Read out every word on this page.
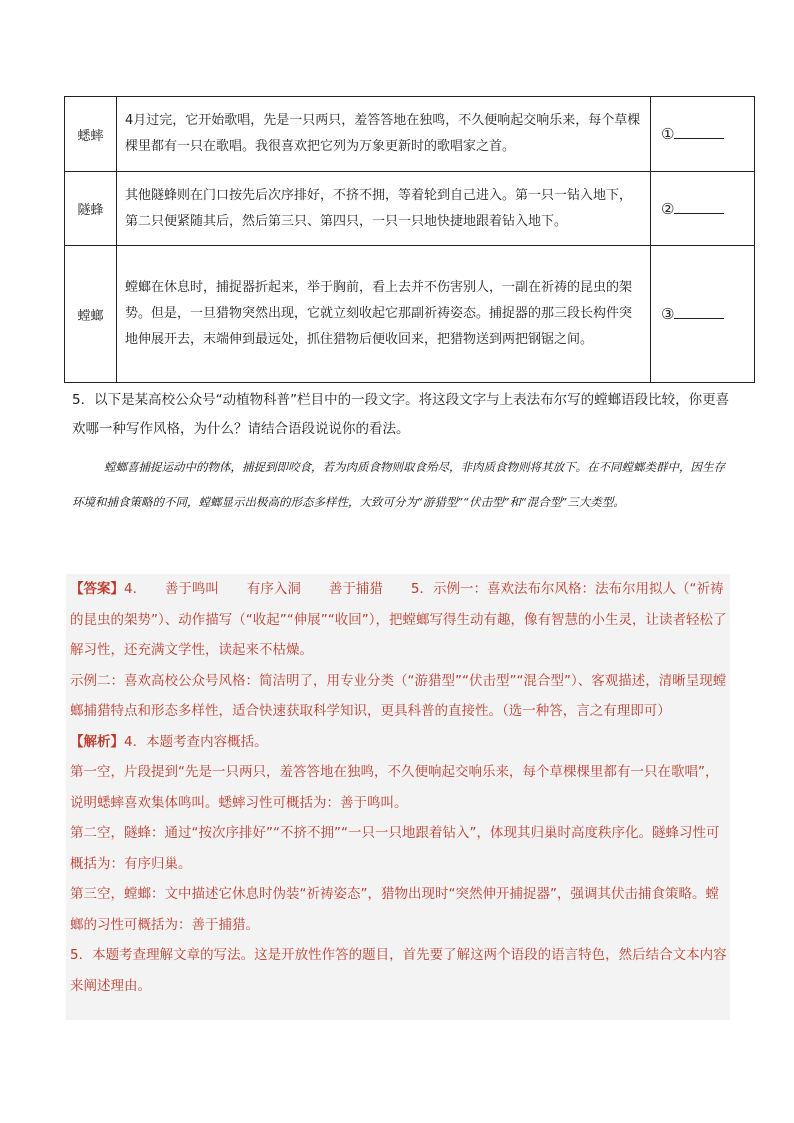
蟋蟀	4月过完，它开始歌唱，先是一只两只，羞答答地在独鸣，不久便响起交响乐来，每个草棵棵里都有一只在歌唱。我很喜欢把它列为万象更新时的歌唱家之首。	①
隧蜂	其他隧蜂则在门口按先后次序排好，不挤不拥，等着轮到自己进入。第一只一钻入地下，第二只便紧随其后，然后第三只、第四只，一只一只地快捷地跟着钻入地下。	②
螳螂	螳螂在休息时，捕捉器折起来，举于胸前，看上去并不伤害别人，一副在祈祷的昆虫的架势。但是，一旦猎物突然出现，它就立刻收起它那副祈祷姿态。捕捉器的那三段长构件突地伸展开去，末端伸到最远处，抓住猎物后便收回来，把猎物送到两把钢锯之间。	③
5．以下是某高校公众号“动植物科普”栏目中的一段文字。将这段文字与上表法布尔写的螳螂语段比较，你更喜欢哪一种写作风格，为什么？请结合语段说说你的看法。
螳螂喜捕捉运动中的物体，捕捉到即咬食，若为肉质食物则取食殆尽，非肉质食物则将其放下。在不同螳螂类群中，因生存环境和捕食策略的不同，螳螂显示出极高的形态多样性，大致可分为“游猎型”“伏击型”和“混合型”三大类型。

【答案】4. 善于鸣叫 有序入洞 善于捕猎 5．示例一：喜欢法布尔风格：法布尔用拟人（“祈祷的昆虫的架势”）、动作描写（“收起”“伸展”“收回”），把螳螂写得生动有趣，像有智慧的小生灵，让读者轻松了解习性，还充满文学性，读起来不枯燥。

示例二：喜欢高校公众号风格：简洁明了，用专业分类（“游猎型”“伏击型”“混合型”）、客观描述，清晰呈现螳螂捕猎特点和形态多样性，适合快速获取科学知识，更具科普的直接性。（选一种答，言之有理即可）

【解析】4．本题考查内容概括。

第一空，片段提到“先是一只两只，羞答答地在独鸣，不久便响起交响乐来，每个草棵棵里都有一只在歌唱”，说明蟋蟀喜欢集体鸣叫。蟋蟀习性可概括为：善于鸣叫。

第二空，隧蜂：通过“按次序排好”“不挤不拥”“一只一只地跟着钻入”，体现其归巢时高度秩序化。隧蜂习性可概括为：有序归巢。

第三空，螳螂：文中描述它休息时伪装“祈祷姿态”，猎物出现时“突然伸开捕捉器”，强调其伏击捕食策略。螳螂的习性可概括为：善于捕猎。

5．本题考查理解文章的写法。这是开放性作答的题目，首先要了解这两个语段的语言特色，然后结合文本内容来阐述理由。
